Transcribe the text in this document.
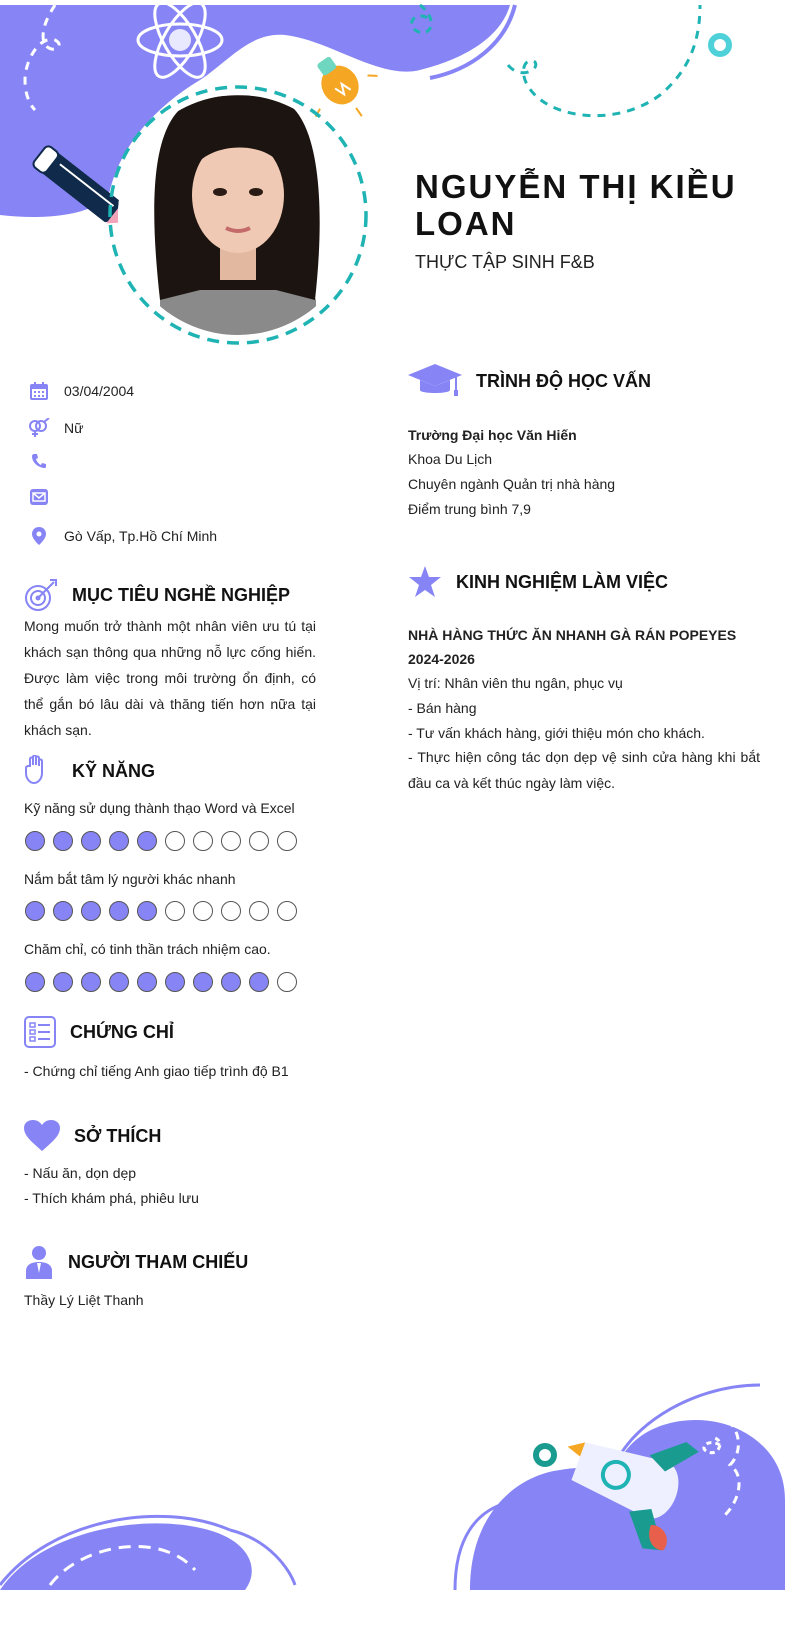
NGUYỄN THỊ KIỀU LOAN
THỰC TẬP SINH F&B
03/04/2004
Nữ
Gò Vấp, Tp.Hồ Chí Minh
MỤC TIÊU NGHỀ NGHIỆP
Mong muốn trở thành một nhân viên ưu tú tại khách sạn thông qua những nỗ lực cống hiến. Được làm việc trong môi trường ổn định, có thể gắn bó lâu dài và thăng tiến hơn nữa tại khách sạn.
KỸ NĂNG
Kỹ năng sử dụng thành thạo Word và Excel
Nắm bắt tâm lý người khác nhanh
Chăm chỉ, có tinh thần trách nhiệm cao.
CHỨNG CHỈ
- Chứng chỉ tiếng Anh giao tiếp trình độ B1
SỞ THÍCH
- Nấu ăn, dọn dẹp
- Thích khám phá, phiêu lưu
NGƯỜI THAM CHIẾU
Thầy Lý Liệt Thanh
TRÌNH ĐỘ HỌC VẤN
Trường Đại học Văn Hiến
Khoa Du Lịch
Chuyên ngành Quản trị nhà hàng
Điểm trung bình 7,9
KINH NGHIỆM LÀM VIỆC
NHÀ HÀNG THỨC ĂN NHANH GÀ RÁN POPEYES
2024-2026
Vị trí: Nhân viên thu ngân, phục vụ
- Bán hàng
- Tư vấn khách hàng, giới thiệu món cho khách.
- Thực hiện công tác dọn dẹp vệ sinh cửa hàng khi bắt đầu ca và kết thúc ngày làm việc.
